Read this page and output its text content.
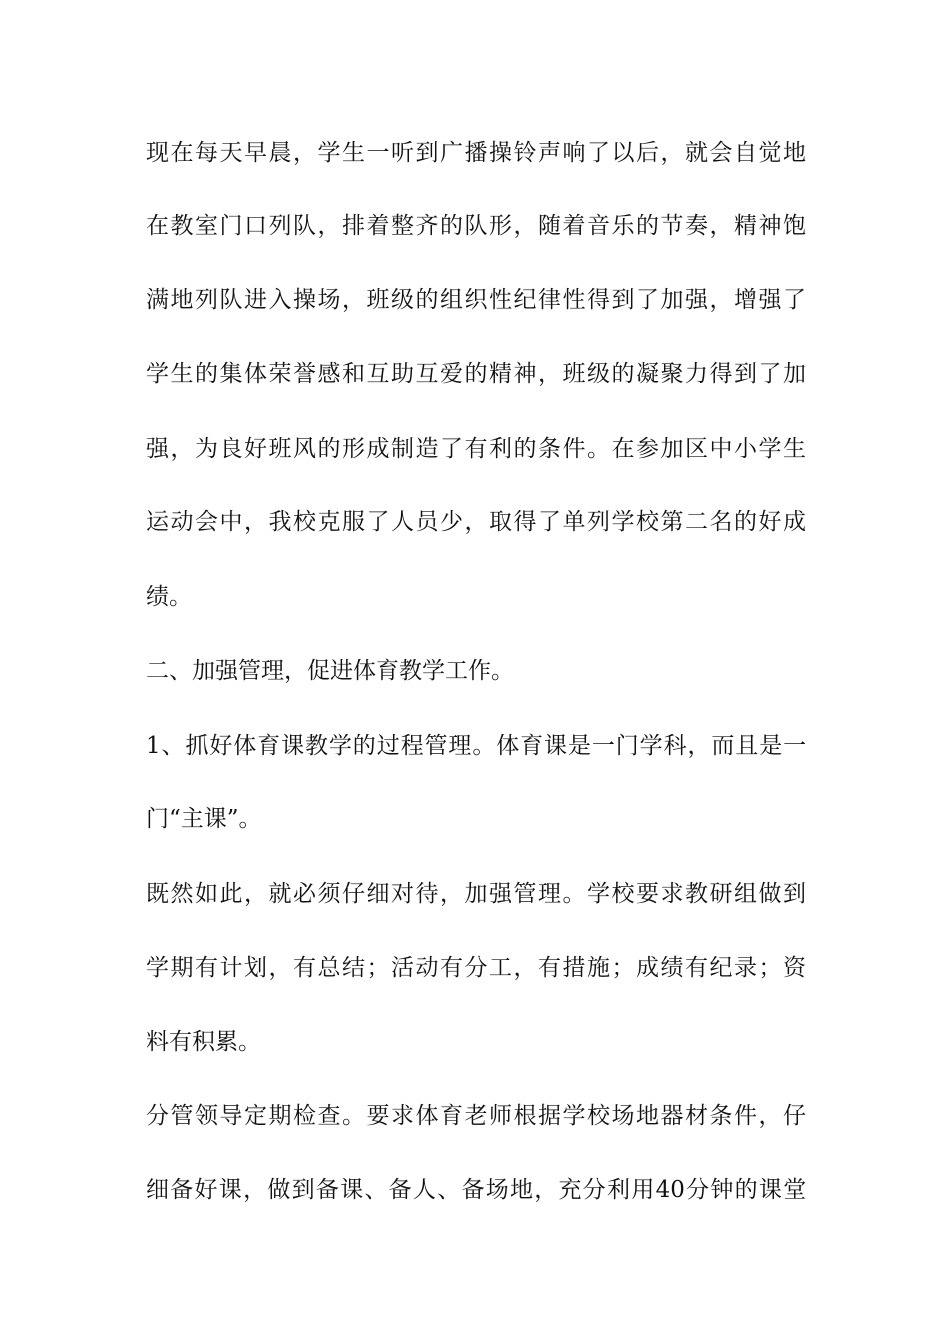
现在每天早晨，学生一听到广播操铃声响了以后，就会自觉地
在教室门口列队，排着整齐的队形，随着音乐的节奏，精神饱
满地列队进入操场，班级的组织性纪律性得到了加强，增强了
学生的集体荣誉感和互助互爱的精神，班级的凝聚力得到了加
强，为良好班风的形成制造了有利的条件。在参加区中小学生
运动会中，我校克服了人员少，取得了单列学校第二名的好成
绩。
二、加强管理，促进体育教学工作。
1、抓好体育课教学的过程管理。体育课是一门学科，而且是一
门“主课”。
既然如此，就必须仔细对待，加强管理。学校要求教研组做到
学期有计划，有总结；活动有分工，有措施；成绩有纪录；资
料有积累。
分管领导定期检查。要求体育老师根据学校场地器材条件，仔
细备好课，做到备课、备人、备场地，充分利用40分钟的课堂
